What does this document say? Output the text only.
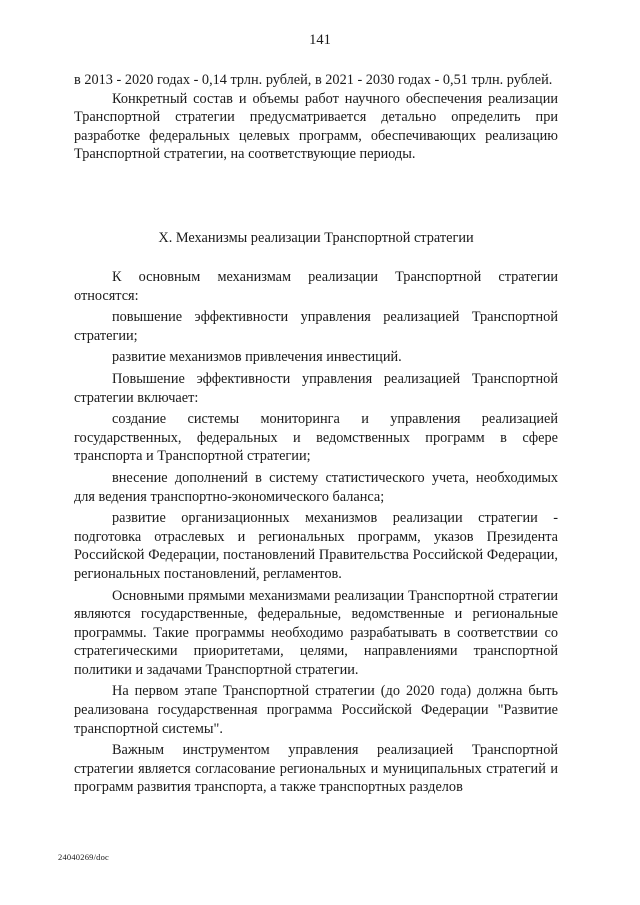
141

в 2013 - 2020 годах - 0,14 трлн. рублей, в 2021 - 2030 годах - 0,51 трлн. рублей.

Конкретный состав и объемы работ научного обеспечения реализации Транспортной стратегии предусматривается детально определить при разработке федеральных целевых программ, обеспечивающих реализацию Транспортной стратегии, на соответствующие периоды.

X. Механизмы реализации Транспортной стратегии

К основным механизмам реализации Транспортной стратегии относятся:

повышение эффективности управления реализацией Транспортной стратегии;

развитие механизмов привлечения инвестиций.

Повышение эффективности управления реализацией Транспортной стратегии включает:

создание системы мониторинга и управления реализацией государственных, федеральных и ведомственных программ в сфере транспорта и Транспортной стратегии;

внесение дополнений в систему статистического учета, необходимых для ведения транспортно-экономического баланса;

развитие организационных механизмов реализации стратегии - подготовка отраслевых и региональных программ, указов Президента Российской Федерации, постановлений Правительства Российской Федерации, региональных постановлений, регламентов.

Основными прямыми механизмами реализации Транспортной стратегии являются государственные, федеральные, ведомственные и региональные программы. Такие программы необходимо разрабатывать в соответствии со стратегическими приоритетами, целями, направлениями транспортной политики и задачами Транспортной стратегии.

На первом этапе Транспортной стратегии (до 2020 года) должна быть реализована государственная программа Российской Федерации "Развитие транспортной системы".

Важным инструментом управления реализацией Транспортной стратегии является согласование региональных и муниципальных стратегий и программ развития транспорта, а также транспортных разделов

24040269/doc
